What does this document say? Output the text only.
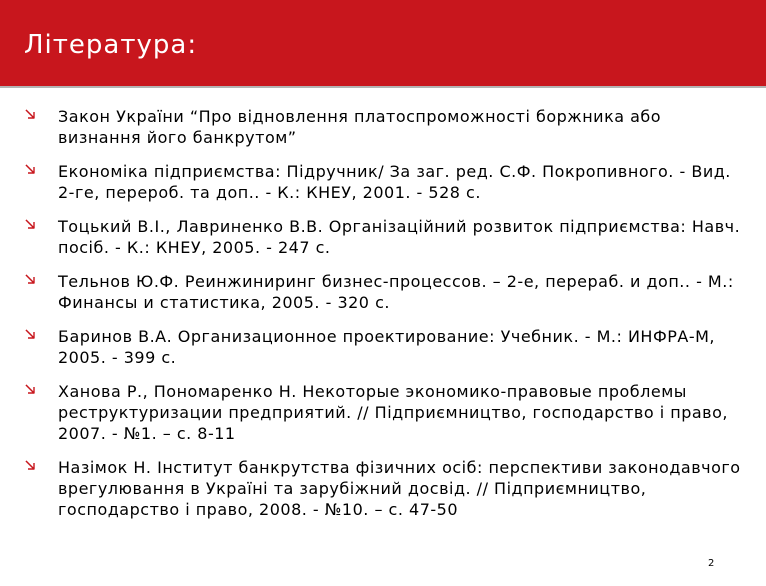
Література:
Закон України “Про відновлення платоспроможності боржника або визнання його банкрутом”
Економіка підприємства: Підручник/ За заг. ред. С.Ф. Покропивного. - Вид. 2-ге, перероб. та доп.. - К.: КНЕУ, 2001. - 528 с.
Тоцький В.І., Лавриненко В.В. Організаційний розвиток підприємства: Навч. посіб. - К.: КНЕУ, 2005. - 247 с.
Тельнов Ю.Ф. Реинжиниринг бизнес-процессов. – 2-е, перераб. и доп.. - М.: Финансы и статистика, 2005. - 320 с.
Баринов В.А. Организационное проектирование: Учебник. - М.: ИНФРА-М, 2005. - 399 с.
Ханова Р., Пономаренко Н. Некоторые экономико-правовые проблемы реструктуризации предприятий. // Підприємництво, господарство і право, 2007. - №1. – с. 8-11
Назімок Н. Інститут банкрутства фізичних осіб: перспективи законодавчого врегулювання в Україні та зарубіжний досвід. // Підприємництво, господарство і право, 2008. - №10. – с. 47-50
2
